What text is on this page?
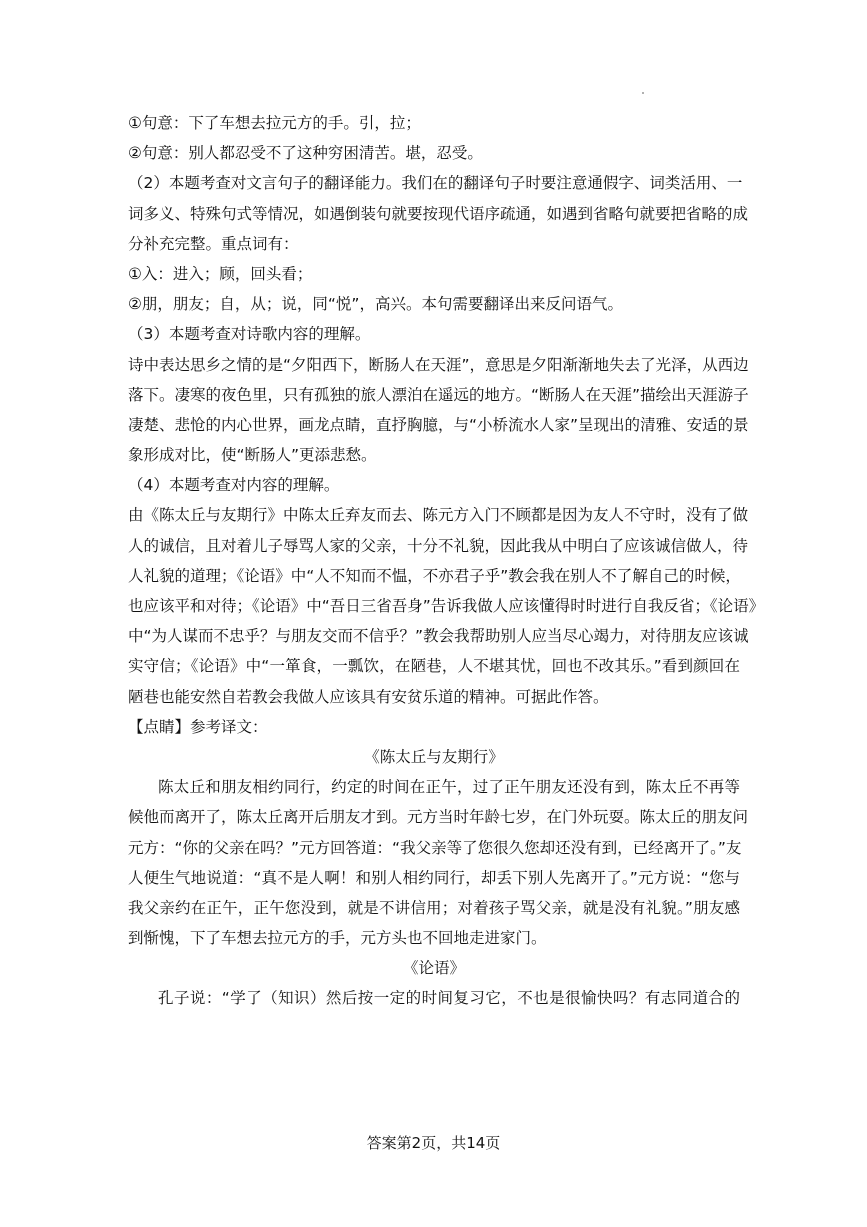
①句意：下了车想去拉元方的手。引，拉；
②句意：别人都忍受不了这种穷困清苦。堪，忍受。
（2）本题考查对文言句子的翻译能力。我们在的翻译句子时要注意通假字、词类活用、一
词多义、特殊句式等情况，如遇倒装句就要按现代语序疏通，如遇到省略句就要把省略的成
分补充完整。重点词有：
①入：进入；顾，回头看；
②朋，朋友；自，从；说，同“悦”，高兴。本句需要翻译出来反问语气。
（3）本题考查对诗歌内容的理解。
诗中表达思乡之情的是“夕阳西下，断肠人在天涯”，意思是夕阳渐渐地失去了光泽，从西边
落下。凄寒的夜色里，只有孤独的旅人漂泊在遥远的地方。“断肠人在天涯”描绘出天涯游子
凄楚、悲怆的内心世界，画龙点睛，直抒胸臆，与“小桥流水人家”呈现出的清雅、安适的景
象形成对比，使“断肠人”更添悲愁。
（4）本题考查对内容的理解。
由《陈太丘与友期行》中陈太丘弃友而去、陈元方入门不顾都是因为友人不守时，没有了做
人的诚信，且对着儿子辱骂人家的父亲，十分不礼貌，因此我从中明白了应该诚信做人，待
人礼貌的道理；《论语》中“人不知而不愠，不亦君子乎”教会我在别人不了解自己的时候，
也应该平和对待；《论语》中“吾日三省吾身”告诉我做人应该懂得时时进行自我反省；《论语》
中“为人谋而不忠乎？与朋友交而不信乎？”教会我帮助别人应当尽心竭力，对待朋友应该诚
实守信；《论语》中“一箪食，一瓢饮，在陋巷，人不堪其忧，回也不改其乐。”看到颜回在
陋巷也能安然自若教会我做人应该具有安贫乐道的精神。可据此作答。
【点睛】参考译文：
《陈太丘与友期行》
陈太丘和朋友相约同行，约定的时间在正午，过了正午朋友还没有到，陈太丘不再等
候他而离开了，陈太丘离开后朋友才到。元方当时年龄七岁，在门外玩耍。陈太丘的朋友问
元方：“你的父亲在吗？”元方回答道：“我父亲等了您很久您却还没有到，已经离开了。”友
人便生气地说道：“真不是人啊！和别人相约同行，却丢下别人先离开了。”元方说：“您与
我父亲约在正午，正午您没到，就是不讲信用；对着孩子骂父亲，就是没有礼貌。”朋友感
到惭愧，下了车想去拉元方的手，元方头也不回地走进家门。
《论语》
孔子说：“学了（知识）然后按一定的时间复习它，不也是很愉快吗？有志同道合的
答案第2页，共14页
